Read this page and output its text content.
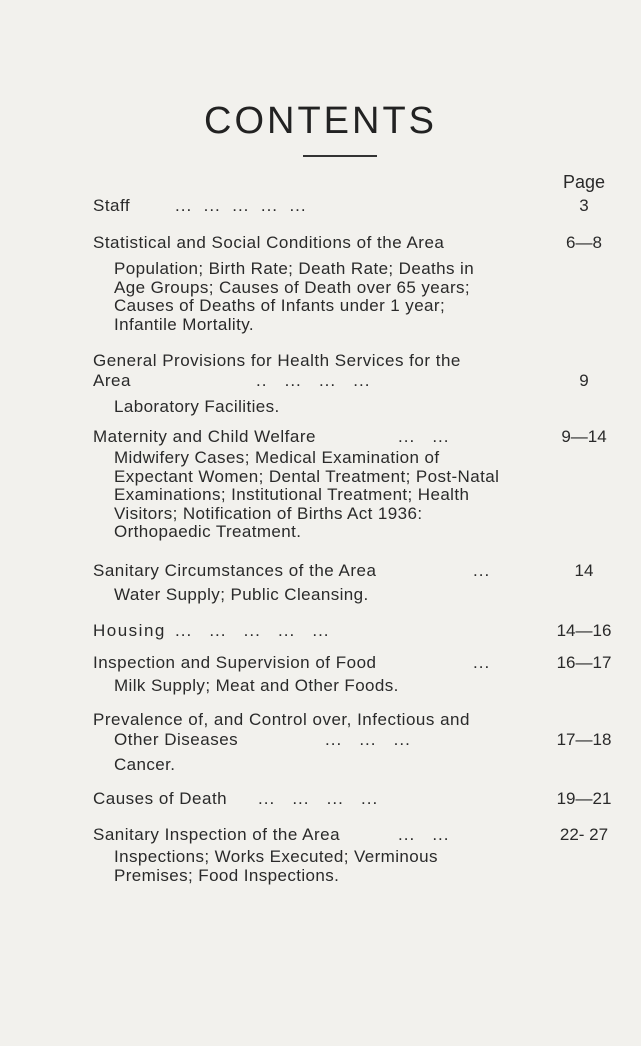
CONTENTS
Page
Staff	...  ...  ...  ...  ...	3
Statistical and Social Conditions of the Area	6—8
Population; Birth Rate; Death Rate; Deaths in Age Groups; Causes of Death over 65 years; Causes of Deaths of Infants under 1 year; Infantile Mortality.
General Provisions for Health Services for the
Area	..   ...   ...   ...	9
Laboratory Facilities.
Maternity and Child Welfare	...   ...	9—14
Midwifery Cases; Medical Examination of Expectant Women; Dental Treatment; Post-Natal Examinations; Institutional Treatment; Health Visitors; Notification of Births Act 1936: Orthopaedic Treatment.
Sanitary Circumstances of the Area	...	14
Water Supply; Public Cleansing.
Housing ...   ...   ...   ...   ...	14—16
Inspection and Supervision of Food	...	16—17
Milk Supply; Meat and Other Foods.
Prevalence of, and Control over, Infectious and
Other Diseases	...   ...   ...	17—18
Cancer.
Causes of Death ...   ...   ...   ...	19—21
Sanitary Inspection of the Area	...   ...	22- 27
Inspections; Works Executed; Verminous Premises; Food Inspections.
